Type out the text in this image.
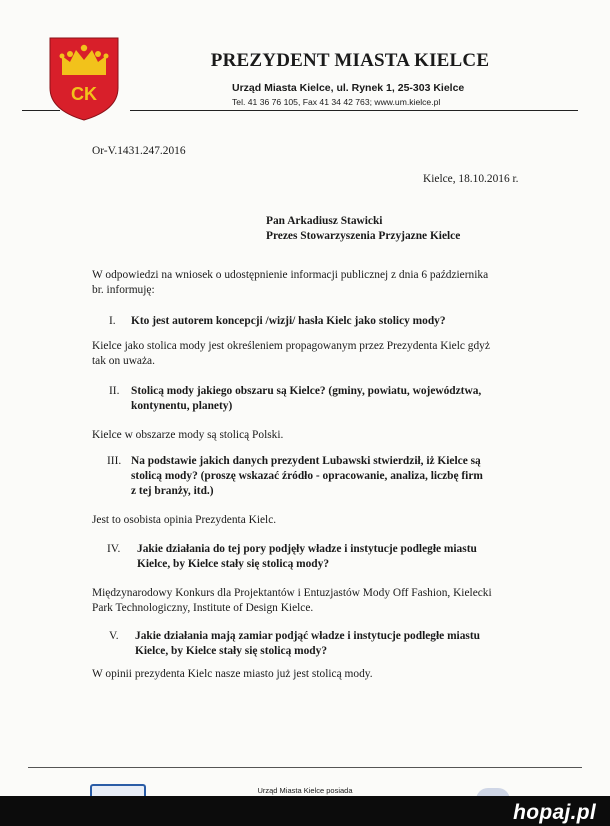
CK
PREZYDENT MIASTA KIELCE
Urząd Miasta Kielce, ul. Rynek 1, 25-303 Kielce
Tel. 41 36 76 105, Fax 41 34 42 763; www.um.kielce.pl
Or-V.1431.247.2016
Kielce, 18.10.2016 r.
Pan Arkadiusz Stawicki
Prezes Stowarzyszenia Przyjazne Kielce
W odpowiedzi na wniosek o udostępnienie informacji publicznej z dnia 6 października
br. informuję:
I. Kto jest autorem koncepcji /wizji/ hasła Kielc jako stolicy mody?
Kielce jako stolica mody jest określeniem propagowanym przez Prezydenta Kielc gdyż
tak on uważa.
II. Stolicą mody jakiego obszaru są Kielce? (gminy, powiatu, województwa,
kontynentu, planety)
Kielce w obszarze mody są stolicą Polski.
III. Na podstawie jakich danych prezydent Lubawski stwierdził, iż Kielce są
stolicą mody? (proszę wskazać źródło - opracowanie, analiza, liczbę firm
z tej branży, itd.)
Jest to osobista opinia Prezydenta Kielc.
IV. Jakie działania do tej pory podjęły władze i instytucje podległe miastu
Kielce, by Kielce stały się stolicą mody?
Międzynarodowy Konkurs dla Projektantów i Entuzjastów Mody Off Fashion, Kielecki
Park Technologiczny, Institute of Design Kielce.
V. Jakie działania mają zamiar podjąć władze i instytucje podległe miastu
Kielce, by Kielce stały się stolicą mody?
W opinii prezydenta Kielc nasze miasto już jest stolicą mody.
Urząd Miasta Kielce posiada
hopaj.pl
